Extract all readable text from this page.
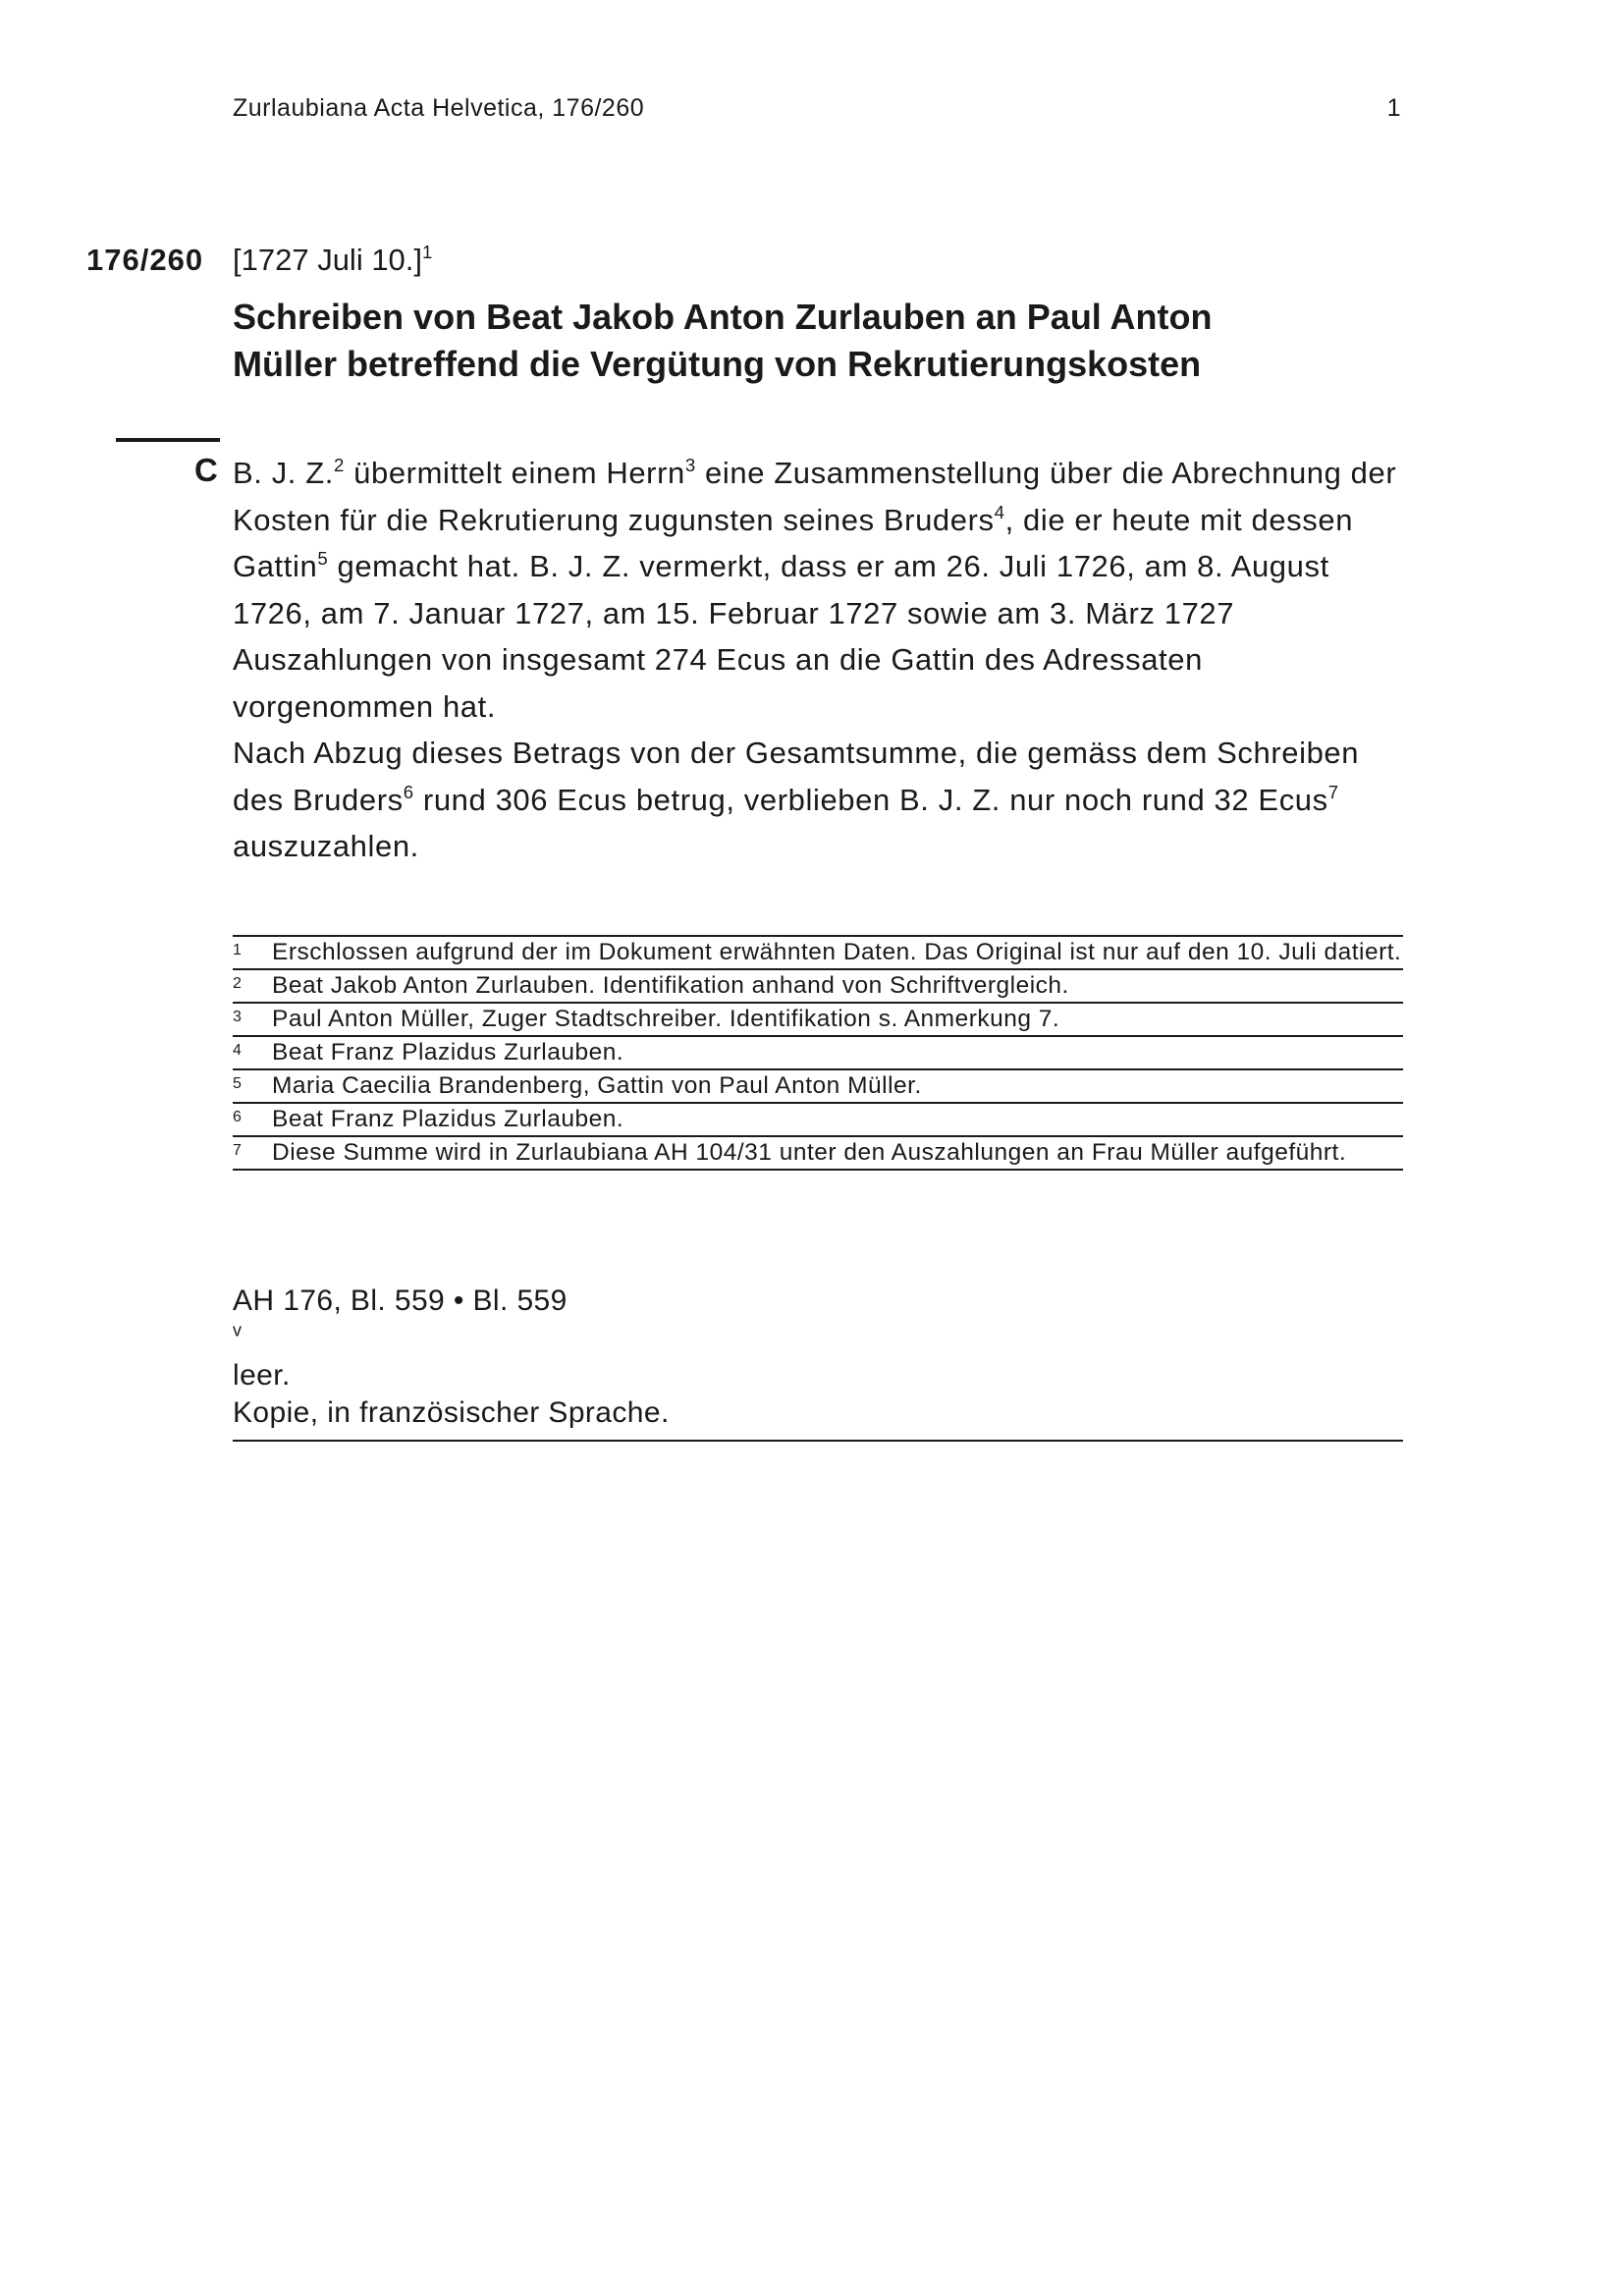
Zurlaubiana Acta Helvetica, 176/260	1
176/260 [1727 Juli 10.]$^1$
Schreiben von Beat Jakob Anton Zurlauben an Paul Anton
Müller betreffend die Vergütung von Rekrutierungskosten
C B. J. Z.$^2$ übermittelt einem Herrn$^3$ eine Zusammenstellung über die Abrechnung der Kosten für die Rekrutierung zugunsten seines Bruders$^4$, die er heute mit dessen Gattin$^5$ gemacht hat. B. J. Z. vermerkt, dass er am 26. Juli 1726, am 8. August 1726, am 7. Januar 1727, am 15. Februar 1727 sowie am 3. März 1727 Auszahlungen von insgesamt 274 Ecus an die Gattin des Adressaten vorgenommen hat.
Nach Abzug dieses Betrags von der Gesamtsumme, die gemäss dem Schreiben des Bruders$^6$ rund 306 Ecus betrug, verblieben B. J. Z. nur noch rund 32 Ecus$^7$ auszuzahlen.
1 Erschlossen aufgrund der im Dokument erwähnten Daten. Das Original ist nur auf den 10. Juli datiert.
2 Beat Jakob Anton Zurlauben. Identifikation anhand von Schriftvergleich.
3 Paul Anton Müller, Zuger Stadtschreiber. Identifikation s. Anmerkung 7.
4 Beat Franz Plazidus Zurlauben.
5 Maria Caecilia Brandenberg, Gattin von Paul Anton Müller.
6 Beat Franz Plazidus Zurlauben.
7 Diese Summe wird in Zurlaubiana AH 104/31 unter den Auszahlungen an Frau Müller aufgeführt.
AH 176, Bl. 559 • Bl. 559
$^v$
leer.
Kopie, in französischer Sprache.
